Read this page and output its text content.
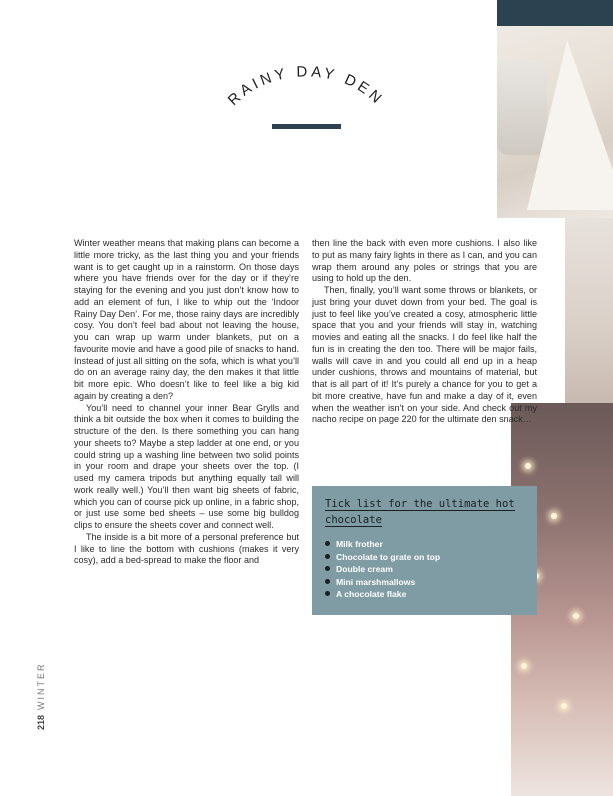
RAINY DAY DEN

Winter weather means that making plans can become a little more tricky, as the last thing you and your friends want is to get caught up in a rainstorm. On those days where you have friends over for the day or if they’re staying for the evening and you just don’t know how to add an element of fun, I like to whip out the ‘Indoor Rainy Day Den’. For me, those rainy days are incredibly cosy. You don’t feel bad about not leaving the house, you can wrap up warm under blankets, put on a favourite movie and have a good pile of snacks to hand. Instead of just all sitting on the sofa, which is what you’ll do on an average rainy day, the den makes it that little bit more epic. Who doesn’t like to feel like a big kid again by creating a den?

You’ll need to channel your inner Bear Grylls and think a bit outside the box when it comes to building the structure of the den. Is there something you can hang your sheets to? Maybe a step ladder at one end, or you could string up a washing line between two solid points in your room and drape your sheets over the top. (I used my camera tripods but anything equally tall will work really well.) You’ll then want big sheets of fabric, which you can of course pick up online, in a fabric shop, or just use some bed sheets – use some big bulldog clips to ensure the sheets cover and connect well.

The inside is a bit more of a personal preference but I like to line the bottom with cushions (makes it very cosy), add a bed-spread to make the floor and

then line the back with even more cushions. I also like to put as many fairy lights in there as I can, and you can wrap them around any poles or strings that you are using to hold up the den.

Then, finally, you’ll want some throws or blankets, or just bring your duvet down from your bed. The goal is just to feel like you’ve created a cosy, atmospheric little space that you and your friends will stay in, watching movies and eating all the snacks. I do feel like half the fun is in creating the den too. There will be major fails, walls will cave in and you could all end up in a heap under cushions, throws and mountains of material, but that is all part of it! It’s purely a chance for you to get a bit more creative, have fun and make a day of it, even when the weather isn’t on your side. And check out my nacho recipe on page 220 for the ultimate den snack…

Tick list for the ultimate hot chocolate
Milk frother
Chocolate to grate on top
Double cream
Mini marshmallows
A chocolate flake
218WINTER
